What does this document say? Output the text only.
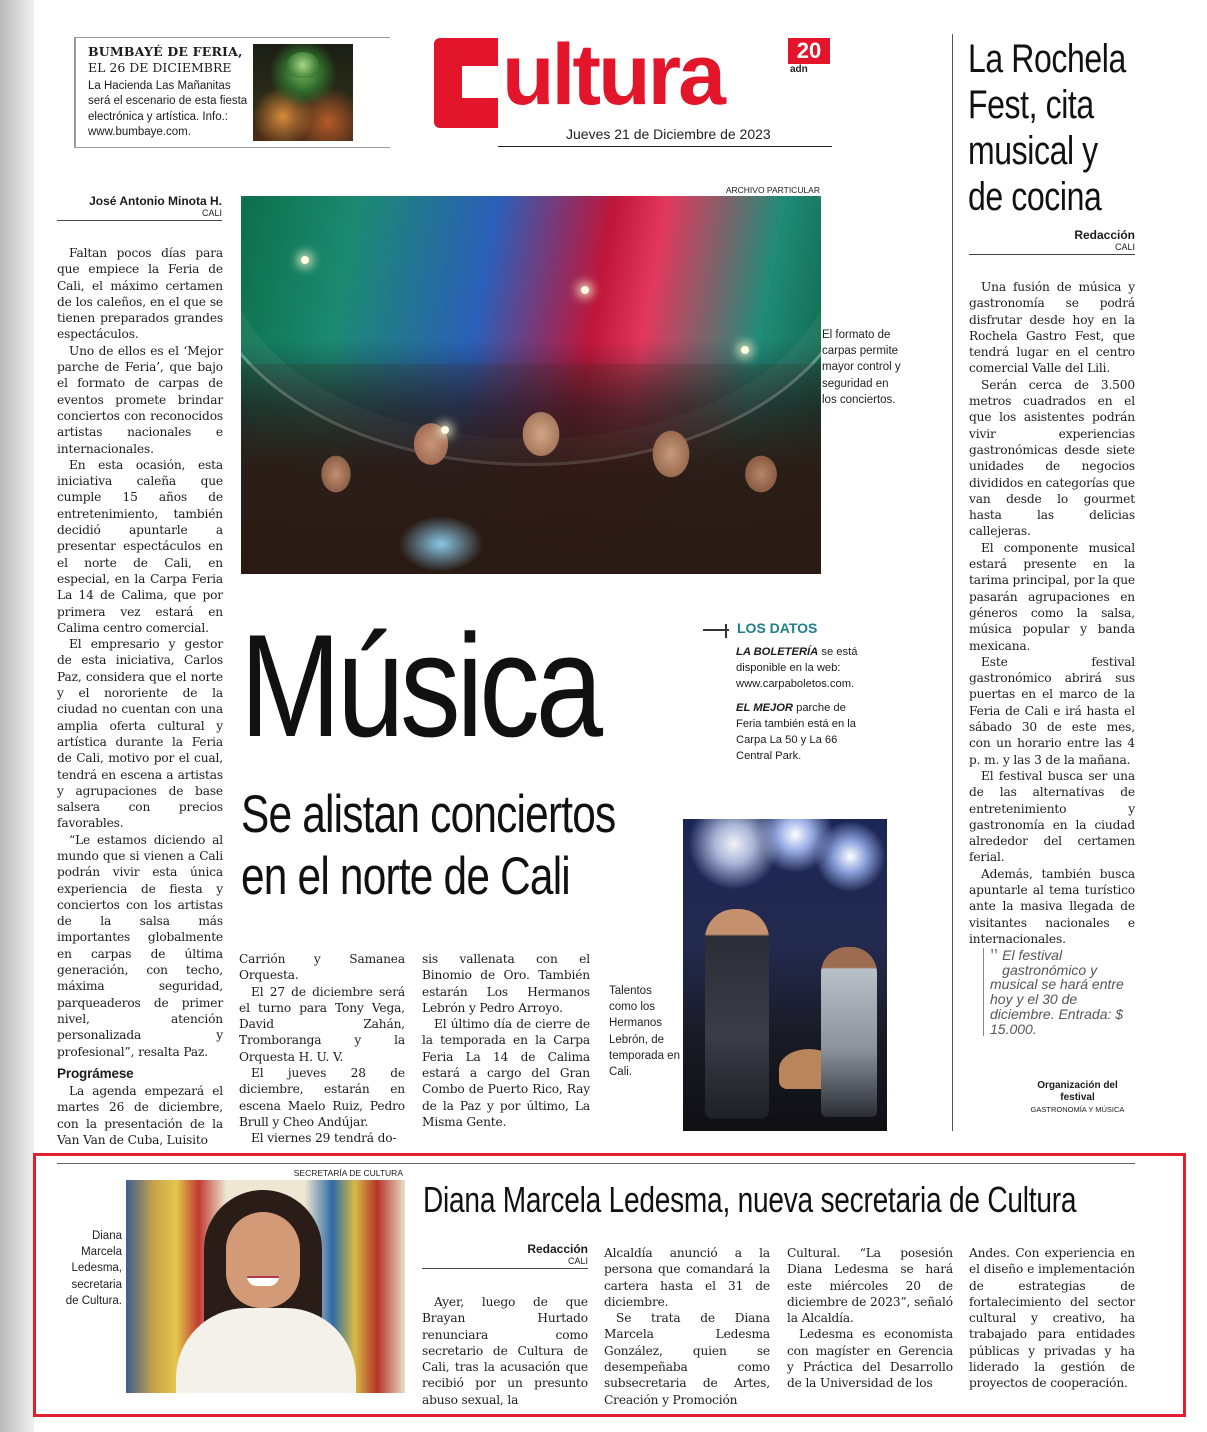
BUMBAYÉ DE FERIA,
EL 26 DE DICIEMBRE
La Hacienda Las Mañanitas será el escenario de esta fiesta electrónica y artística. Info.: www.bumbaye.com.
ultura
Jueves 21 de Diciembre de 2023
20
adn
José Antonio Minota H.
CALI

Faltan pocos días para que empiece la Feria de Cali, el máximo certamen de los caleños, en el que se tienen preparados grandes espectáculos.

Uno de ellos es el ‘Mejor parche de Feria’, que bajo el formato de carpas de eventos promete brindar conciertos con reconocidos artistas nacionales e internacionales.

En esta ocasión, esta iniciativa caleña que cumple 15 años de entretenimiento, también decidió apuntarle a presentar espectáculos en el norte de Cali, en especial, en la Carpa Feria La 14 de Calima, que por primera vez estará en Calima centro comercial.

El empresario y gestor de esta iniciativa, Carlos Paz, considera que el norte y el nororiente de la ciudad no cuentan con una amplia oferta cultural y artística durante la Feria de Cali, motivo por el cual, tendrá en escena a artistas y agrupaciones de base salsera con precios favorables.

“Le estamos diciendo al mundo que si vienen a Cali podrán vivir esta única experiencia de fiesta y conciertos con los artistas de la salsa más importantes globalmente en carpas de última generación, con techo, máxima seguridad, parqueaderos de primer nivel, atención personalizada y profesional”, resalta Paz.

Prográmese

La agenda empezará el martes 26 de diciembre, con la presentación de la Van Van de Cuba, Luisito

ARCHIVO PARTICULAR
El formato de carpas permite mayor control y seguridad en los conciertos.
Música
Se alistan conciertos en el norte de Cali
LOS DATOS
LA BOLETERÍA se está disponible en la web: www.carpaboletos.com.
EL MEJOR parche de Feria también está en la Carpa La 50 y La 66 Central Park.
Talentos como los Hermanos Lebrón, de temporada en Cali.

Carrión y Samanea Orquesta.

El 27 de diciembre será el turno para Tony Vega, David Zahán, Tromboranga y la Orquesta H. U. V.

El jueves 28 de diciembre, estarán en escena Maelo Ruiz, Pedro Brull y Cheo Andújar.

El viernes 29 tendrá do-

sis vallenata con el Binomio de Oro. También estarán Los Hermanos Lebrón y Pedro Arroyo.

El último día de cierre de la temporada en la Carpa Feria La 14 de Calima estará a cargo del Gran Combo de Puerto Rico, Ray de la Paz y por último, La Misma Gente.

La Rochela Fest, cita musical y de cocina
Redacción
CALI

Una fusión de música y gastronomía se podrá disfrutar desde hoy en la Rochela Gastro Fest, que tendrá lugar en el centro comercial Valle del Lili.

Serán cerca de 3.500 metros cuadrados en el que los asistentes podrán vivir experiencias gastronómicas desde siete unidades de negocios divididos en categorías que van desde lo gourmet hasta las delicias callejeras.

El componente musical estará presente en la tarima principal, por la que pasarán agrupaciones en géneros como la salsa, música popular y banda mexicana.

Este festival gastronómico abrirá sus puertas en el marco de la Feria de Cali e irá hasta el sábado 30 de este mes, con un horario entre las 4 p. m. y las 3 de la mañana.

El festival busca ser una de las alternativas de entretenimiento y gastronomía en la ciudad alrededor del certamen ferial.

Además, también busca apuntarle al tema turístico ante la masiva llegada de visitantes nacionales e internacionales.

" El festival gastronómico y musical se hará entre hoy y el 30 de diciembre. Entrada: $ 15.000.
Organización del festival
GASTRONOMÍA Y MÚSICA
SECRETARÍA DE CULTURA
Diana Marcela Ledesma, secretaria de Cultura.
Diana Marcela Ledesma, nueva secretaria de Cultura
Redacción
CALI

Ayer, luego de que Brayan Hurtado renunciara como secretario de Cultura de Cali, tras la acusación que recibió por un presunto abuso sexual, la

Alcaldía anunció a la persona que comandará la cartera hasta el 31 de diciembre.

Se trata de Diana Marcela Ledesma González, quien se desempeñaba como subsecretaria de Artes, Creación y Promoción

Cultural. “La posesión Diana Ledesma se hará este miércoles 20 de diciembre de 2023”, señaló la Alcaldía.

Ledesma es economista con magíster en Gerencia y Práctica del Desarrollo de la Universidad de los

Andes. Con experiencia en el diseño e implementación de estrategias de fortalecimiento del sector cultural y creativo, ha trabajado para entidades públicas y privadas y ha liderado la gestión de proyectos de cooperación.
